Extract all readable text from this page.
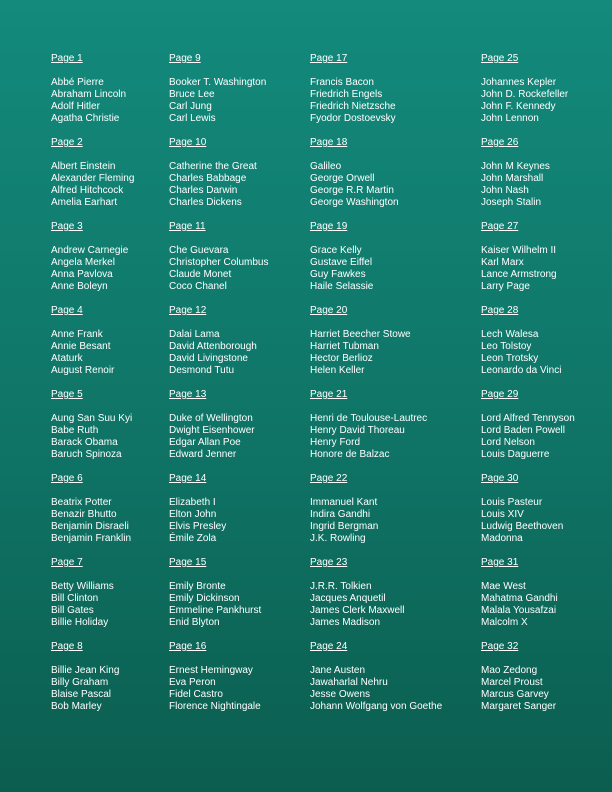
Page 1
Abbé Pierre
Abraham Lincoln
Adolf Hitler
Agatha Christie
Page 2
Albert Einstein
Alexander Fleming
Alfred Hitchcock
Amelia Earhart
Page 3
Andrew Carnegie
Angela Merkel
Anna Pavlova
Anne Boleyn
Page 4
Anne Frank
Annie Besant
Ataturk
August Renoir
Page 5
Aung San Suu Kyi
Babe Ruth
Barack Obama
Baruch Spinoza
Page 6
Beatrix Potter
Benazir Bhutto
Benjamin Disraeli
Benjamin Franklin
Page 7
Betty Williams
Bill Clinton
Bill Gates
Billie Holiday
Page 8
Billie Jean King
Billy Graham
Blaise Pascal
Bob Marley
Page 9
Booker T. Washington
Bruce Lee
Carl Jung
Carl Lewis
Page 10
Catherine the Great
Charles Babbage
Charles Darwin
Charles Dickens
Page 11
Che Guevara
Christopher Columbus
Claude Monet
Coco Chanel
Page 12
Dalai Lama
David Attenborough
David Livingstone
Desmond Tutu
Page 13
Duke of Wellington
Dwight Eisenhower
Edgar Allan Poe
Edward Jenner
Page 14
Elizabeth I
Elton John
Elvis Presley
Émile Zola
Page 15
Emily Bronte
Emily Dickinson
Emmeline Pankhurst
Enid Blyton
Page 16
Ernest Hemingway
Eva Peron
Fidel Castro
Florence Nightingale
Page 17
Francis Bacon
Friedrich Engels
Friedrich Nietzsche
Fyodor Dostoevsky
Page 18
Galileo
George Orwell
George R.R Martin
George Washington
Page 19
Grace Kelly
Gustave Eiffel
Guy Fawkes
Haile Selassie
Page 20
Harriet Beecher Stowe
Harriet Tubman
Hector Berlioz
Helen Keller
Page 21
Henri de Toulouse-Lautrec
Henry David Thoreau
Henry Ford
Honore de Balzac
Page 22
Immanuel Kant
Indira Gandhi
Ingrid Bergman
J.K. Rowling
Page 23
J.R.R. Tolkien
Jacques Anquetil
James Clerk Maxwell
James Madison
Page 24
Jane Austen
Jawaharlal Nehru
Jesse Owens
Johann Wolfgang von Goethe
Page 25
Johannes Kepler
John D. Rockefeller
John F. Kennedy
John Lennon
Page 26
John M Keynes
John Marshall
John Nash
Joseph Stalin
Page 27
Kaiser Wilhelm II
Karl Marx
Lance Armstrong
Larry Page
Page 28
Lech Walesa
Leo Tolstoy
Leon Trotsky
Leonardo da Vinci
Page 29
Lord Alfred Tennyson
Lord Baden Powell
Lord Nelson
Louis Daguerre
Page 30
Louis Pasteur
Louis XIV
Ludwig Beethoven
Madonna
Page 31
Mae West
Mahatma Gandhi
Malala Yousafzai
Malcolm X
Page 32
Mao Zedong
Marcel Proust
Marcus Garvey
Margaret Sanger
